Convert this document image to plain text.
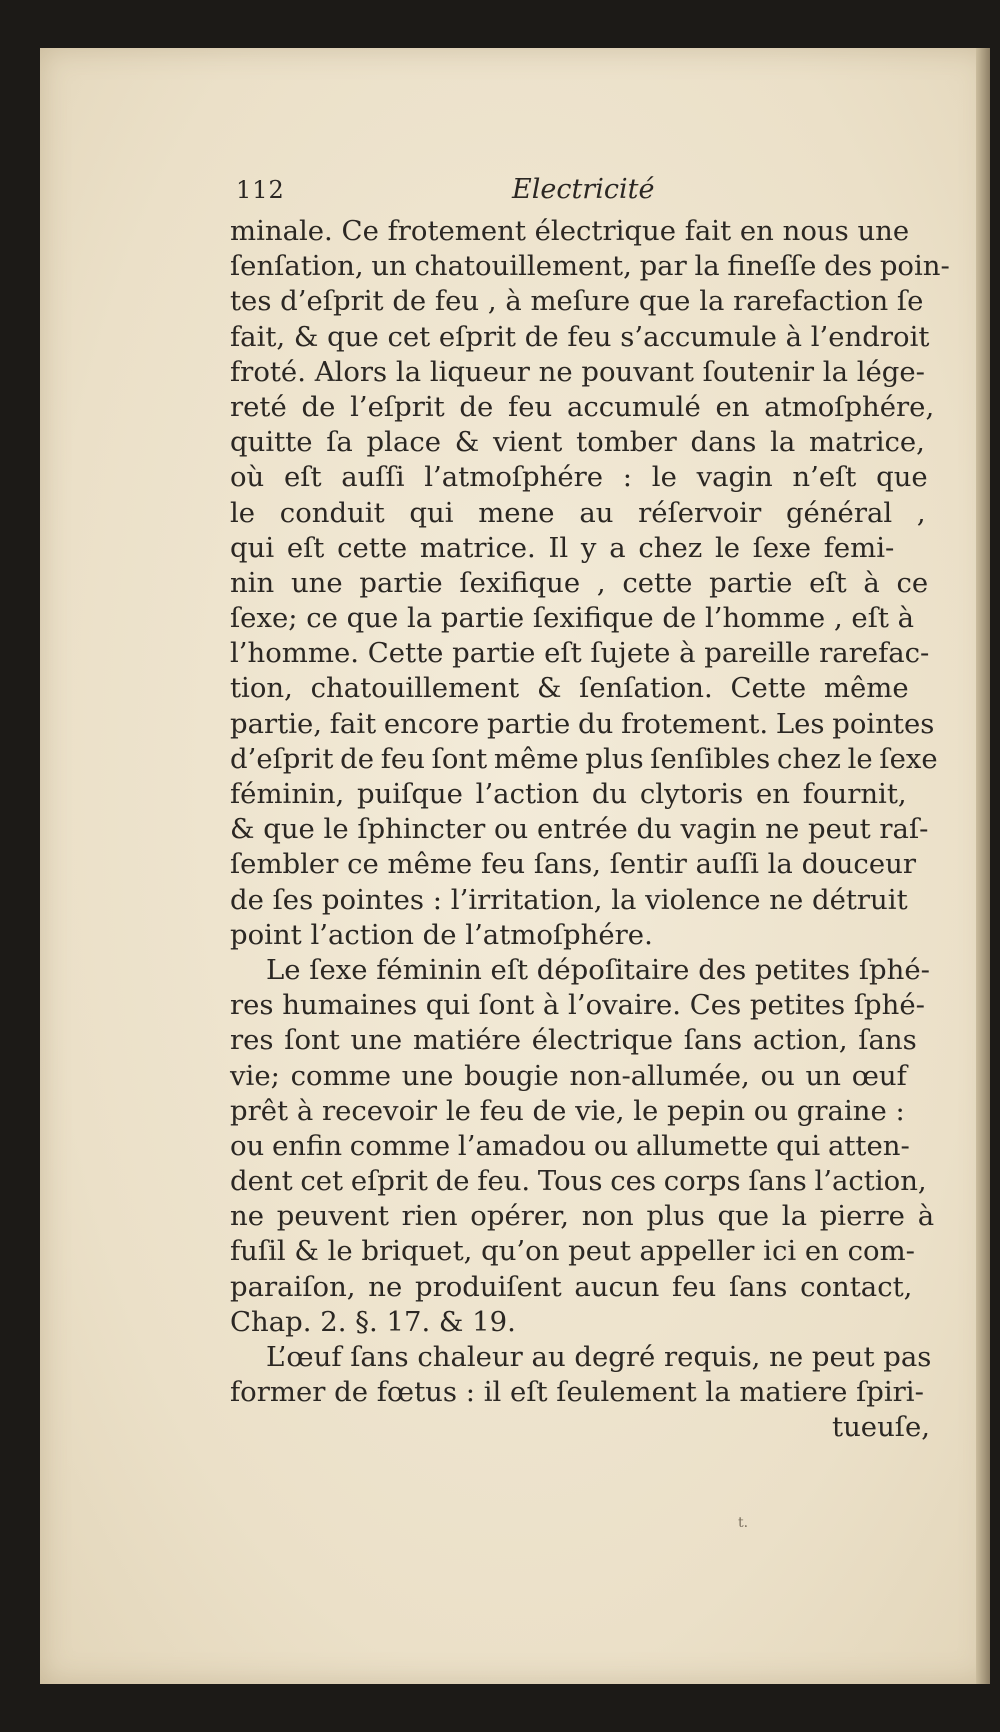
112	Electricité
minale. Ce frotement électrique fait en nous une
ſenſation, un chatouillement, par la fineſſe des poin-
tes d’eſprit de feu , à meſure que la rarefaction ſe
fait, & que cet eſprit de feu s’accumule à l’endroit
froté. Alors la liqueur ne pouvant ſoutenir la lége-
reté de l’eſprit de feu accumulé en atmoſphére,
quitte ſa place & vient tomber dans la matrice,
où eſt auſſi l’atmoſphére : le vagin n’eſt que
le conduit qui mene au réſervoir général ,
qui eſt cette matrice. Il y a chez le ſexe femi-
nin une partie ſexifique , cette partie eſt à ce
ſexe; ce que la partie ſexifique de l’homme , eſt à
l’homme. Cette partie eſt ſujete à pareille rarefac-
tion, chatouillement & ſenſation. Cette même
partie, fait encore partie du frotement. Les pointes
d’eſprit de feu ſont même plus ſenſibles chez le ſexe
féminin, puiſque l’action du clytoris en fournit,
& que le ſphincter ou entrée du vagin ne peut raſ-
ſembler ce même feu ſans, ſentir auſſi la douceur
de ſes pointes : l’irritation, la violence ne détruit
point l’action de l’atmoſphére.
Le ſexe féminin eſt dépoſitaire des petites ſphé-
res humaines qui ſont à l’ovaire. Ces petites ſphé-
res ſont une matiére électrique ſans action, ſans
vie; comme une bougie non-allumée, ou un œuf
prêt à recevoir le feu de vie, le pepin ou graine :
ou enfin comme l’amadou ou allumette qui atten-
dent cet eſprit de feu. Tous ces corps ſans l’action,
ne peuvent rien opérer, non plus que la pierre à
fuſil & le briquet, qu’on peut appeller ici en com-
paraiſon, ne produiſent aucun feu ſans contact,
Chap. 2. §. 17. & 19.
L’œuf ſans chaleur au degré requis, ne peut pas
former de fœtus : il eſt ſeulement la matiere ſpiri-
tueuſe,
t.
